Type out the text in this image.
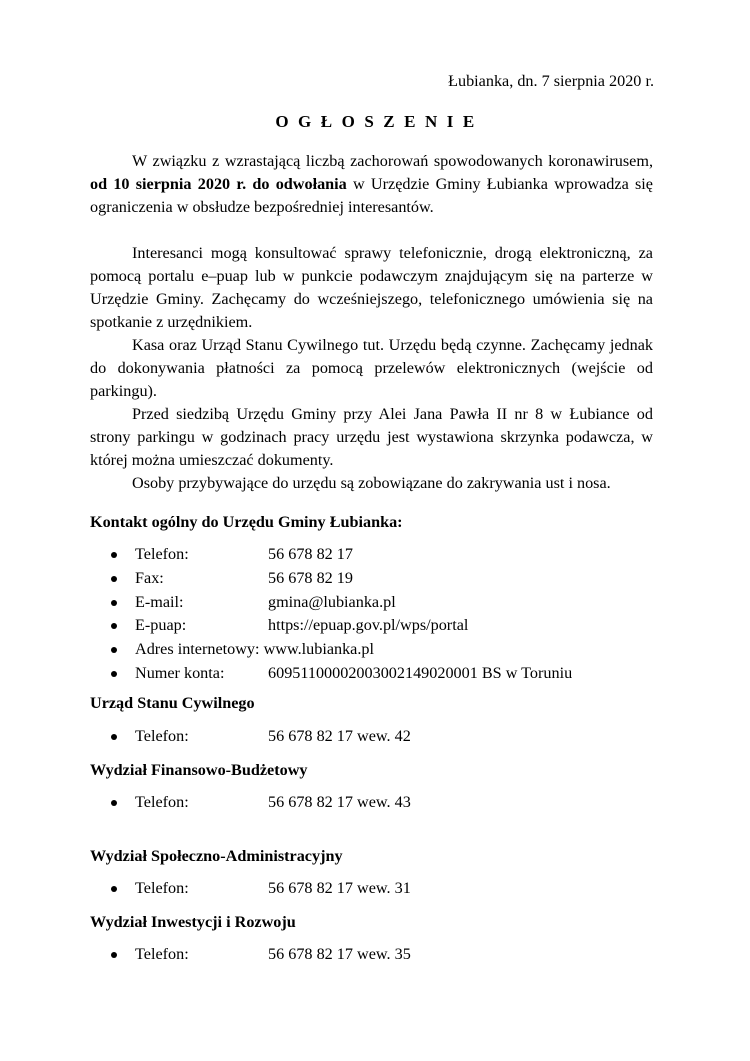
Łubianka, dn. 7 sierpnia 2020 r.
OGŁOSZENIE

W związku z wzrastającą liczbą zachorowań spowodowanych koronawirusem, od 10 sierpnia 2020 r. do odwołania w Urzędzie Gminy Łubianka wprowadza się ograniczenia w obsłudze bezpośredniej interesantów.

Interesanci mogą konsultować sprawy telefonicznie, drogą elektroniczną, za pomocą portalu e–puap lub w punkcie podawczym znajdującym się na parterze w Urzędzie Gminy. Zachęcamy do wcześniejszego, telefonicznego umówienia się na spotkanie z urzędnikiem.

Kasa oraz Urząd Stanu Cywilnego tut. Urzędu będą czynne. Zachęcamy jednak do dokonywania płatności za pomocą przelewów elektronicznych (wejście od parkingu).

Przed siedzibą Urzędu Gminy przy Alei Jana Pawła II nr 8 w Łubiance od strony parkingu w godzinach pracy urzędu jest wystawiona skrzynka podawcza, w której można umieszczać dokumenty.

Osoby przybywające do urzędu są zobowiązane do zakrywania ust i nosa.

Kontakt ogólny do Urzędu Gminy Łubianka:
Telefon:	56 678 82 17
Fax:	56 678 82 19
E-mail:	gmina@lubianka.pl
E-puap:	https://epuap.gov.pl/wps/portal
Adres internetowy: www.lubianka.pl
Numer konta:	60951100002003002149020001 BS w Toruniu
Urząd Stanu Cywilnego
Telefon:	56 678 82 17 wew. 42
Wydział Finansowo-Budżetowy
Telefon:	56 678 82 17 wew. 43
Wydział Społeczno-Administracyjny
Telefon:	56 678 82 17 wew. 31
Wydział Inwestycji i Rozwoju
Telefon:	56 678 82 17 wew. 35
